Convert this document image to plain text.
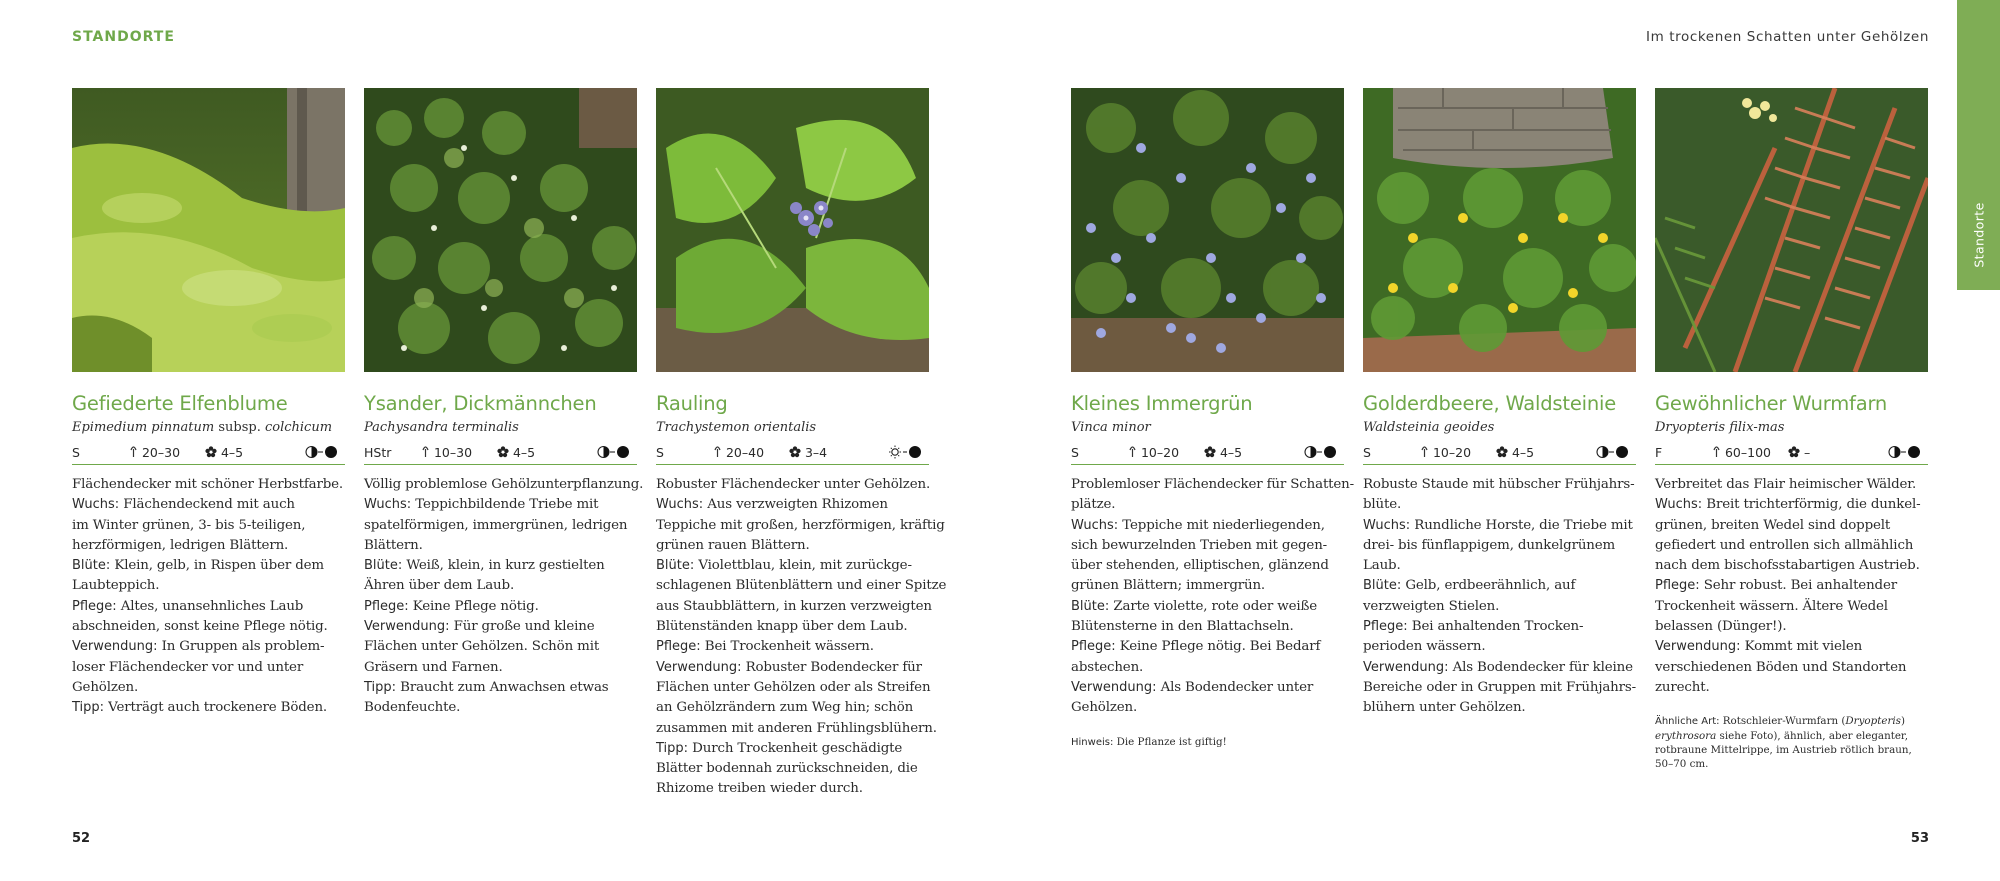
STANDORTE	Im trockenen Schatten unter Gehölzen
Standorte
Gefiederte Elfenblume
Epimedium pinnatum subsp. colchicum
S	20–30	4–5
Flächendecker mit schöner Herbstfarbe.
Wuchs: Flächendeckend mit auch
im Winter grünen, 3- bis 5-teiligen,
herzförmigen, ledrigen Blättern.
Blüte: Klein, gelb, in Rispen über dem
Laubteppich.
Pflege: Altes, unansehnliches Laub
abschneiden, sonst keine Pflege nötig.
Verwendung: In Gruppen als problem-
loser Flächendecker vor und unter
Gehölzen.
Tipp: Verträgt auch trockenere Böden.
Ysander, Dickmännchen
Pachysandra terminalis
HStr	10–30	4–5
Völlig problemlose Gehölzunterpflanzung.
Wuchs: Teppichbildende Triebe mit
spatelförmigen, immergrünen, ledrigen
Blättern.
Blüte: Weiß, klein, in kurz gestielten
Ähren über dem Laub.
Pflege: Keine Pflege nötig.
Verwendung: Für große und kleine
Flächen unter Gehölzen. Schön mit
Gräsern und Farnen.
Tipp: Braucht zum Anwachsen etwas
Bodenfeuchte.
Rauling
Trachystemon orientalis
S	20–40	3–4
Robuster Flächendecker unter Gehölzen.
Wuchs: Aus verzweigten Rhizomen
Teppiche mit großen, herzförmigen, kräftig
grünen rauen Blättern.
Blüte: Violettblau, klein, mit zurückge-
schlagenen Blütenblättern und einer Spitze
aus Staubblättern, in kurzen verzweigten
Blütenständen knapp über dem Laub.
Pflege: Bei Trockenheit wässern.
Verwendung: Robuster Bodendecker für
Flächen unter Gehölzen oder als Streifen
an Gehölzrändern zum Weg hin; schön
zusammen mit anderen Frühlingsblühern.
Tipp: Durch Trockenheit geschädigte
Blätter bodennah zurückschneiden, die
Rhizome treiben wieder durch.
Kleines Immergrün
Vinca minor
S	10–20	4–5
Problemloser Flächendecker für Schatten-
plätze.
Wuchs: Teppiche mit niederliegenden,
sich bewurzelnden Trieben mit gegen-
über stehenden, elliptischen, glänzend
grünen Blättern; immergrün.
Blüte: Zarte violette, rote oder weiße
Blütensterne in den Blattachseln.
Pflege: Keine Pflege nötig. Bei Bedarf
abstechen.
Verwendung: Als Bodendecker unter
Gehölzen.
Hinweis: Die Pflanze ist giftig!
Golderdbeere, Waldsteinie
Waldsteinia geoides
S	10–20	4–5
Robuste Staude mit hübscher Frühjahrs-
blüte.
Wuchs: Rundliche Horste, die Triebe mit
drei- bis fünflappigem, dunkelgrünem
Laub.
Blüte: Gelb, erdbeerähnlich, auf
verzweigten Stielen.
Pflege: Bei anhaltenden Trocken-
perioden wässern.
Verwendung: Als Bodendecker für kleine
Bereiche oder in Gruppen mit Frühjahrs-
blühern unter Gehölzen.
Gewöhnlicher Wurmfarn
Dryopteris filix-mas
F	60–100	–
Verbreitet das Flair heimischer Wälder.
Wuchs: Breit trichterförmig, die dunkel-
grünen, breiten Wedel sind doppelt
gefiedert und entrollen sich allmählich
nach dem bischofsstabartigen Austrieb.
Pflege: Sehr robust. Bei anhaltender
Trockenheit wässern. Ältere Wedel
belassen (Dünger!).
Verwendung: Kommt mit vielen
verschiedenen Böden und Standorten
zurecht.
Ähnliche Art: Rotschleier-Wurmfarn (Dryopteris)
erythrosora siehe Foto), ähnlich, aber eleganter,
rotbraune Mittelrippe, im Austrieb rötlich braun,
50–70 cm.
52	53
